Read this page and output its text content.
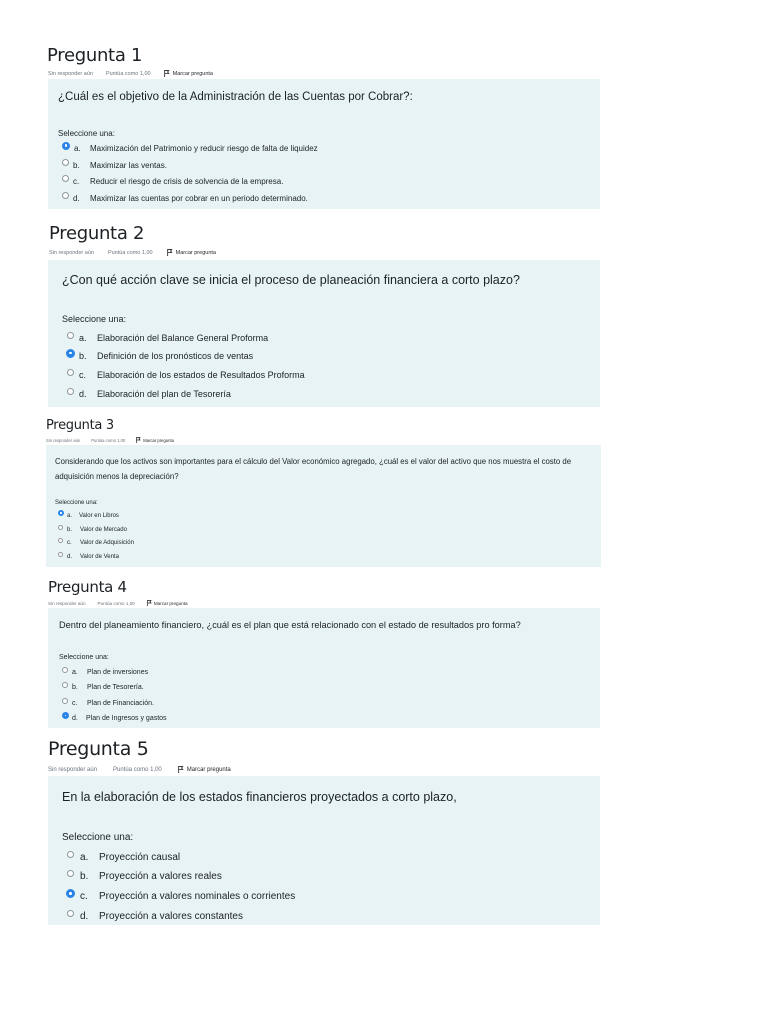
Pregunta 1
Sin responder aún Puntúa como 1,00	Marcar pregunta
¿Cuál es el objetivo de la Administración de las Cuentas por Cobrar?:
Seleccione una:
a.	Maximización del Patrimonio y reducir riesgo de falta de liquidez
b.	Maximizar las ventas.
c.	Reducir el riesgo de crisis de solvencia de la empresa.
d.	Maximizar las cuentas por cobrar en un periodo determinado.
Pregunta 2
Sin responder aún	Puntúa como 1,00	Marcar pregunta
¿Con qué acción clave se inicia el proceso de planeación financiera a corto plazo?
Seleccione una:
a.	Elaboración del Balance General Proforma
b.	Definición de los pronósticos de ventas
c.	Elaboración de los estados de Resultados Proforma
d.	Elaboración del plan de Tesorería
Pregunta 3
Sin responder aún	Puntúa como 1,00	Marcar pregunta
Considerando que los activos son importantes para el cálculo del Valor económico agregado, ¿cuál es el valor del activo que nos muestra el costo de adquisición menos la depreciación?
Seleccione una:
a.	Valor en Libros
b.	Valor de Mercado
c.	Valor de Adquisición
d.	Valor de Venta
Pregunta 4
Sin responder aún	Puntúa como 1,00	Marcar pregunta
Dentro del planeamiento financiero, ¿cuál es el plan que está relacionado con el estado de resultados pro forma?
Seleccione una:
a.	Plan de inversiones
b.	Plan de Tesorería.
c.	Plan de Financiación.
d.	Plan de Ingresos y gastos
Pregunta 5
Sin responder aún	Puntúa como 1,00	Marcar pregunta
En la elaboración de los estados financieros proyectados a corto plazo,
Seleccione una:
a.	Proyección causal
b.	Proyección a valores reales
c.	Proyección a valores nominales o corrientes
d.	Proyección a valores constantes
